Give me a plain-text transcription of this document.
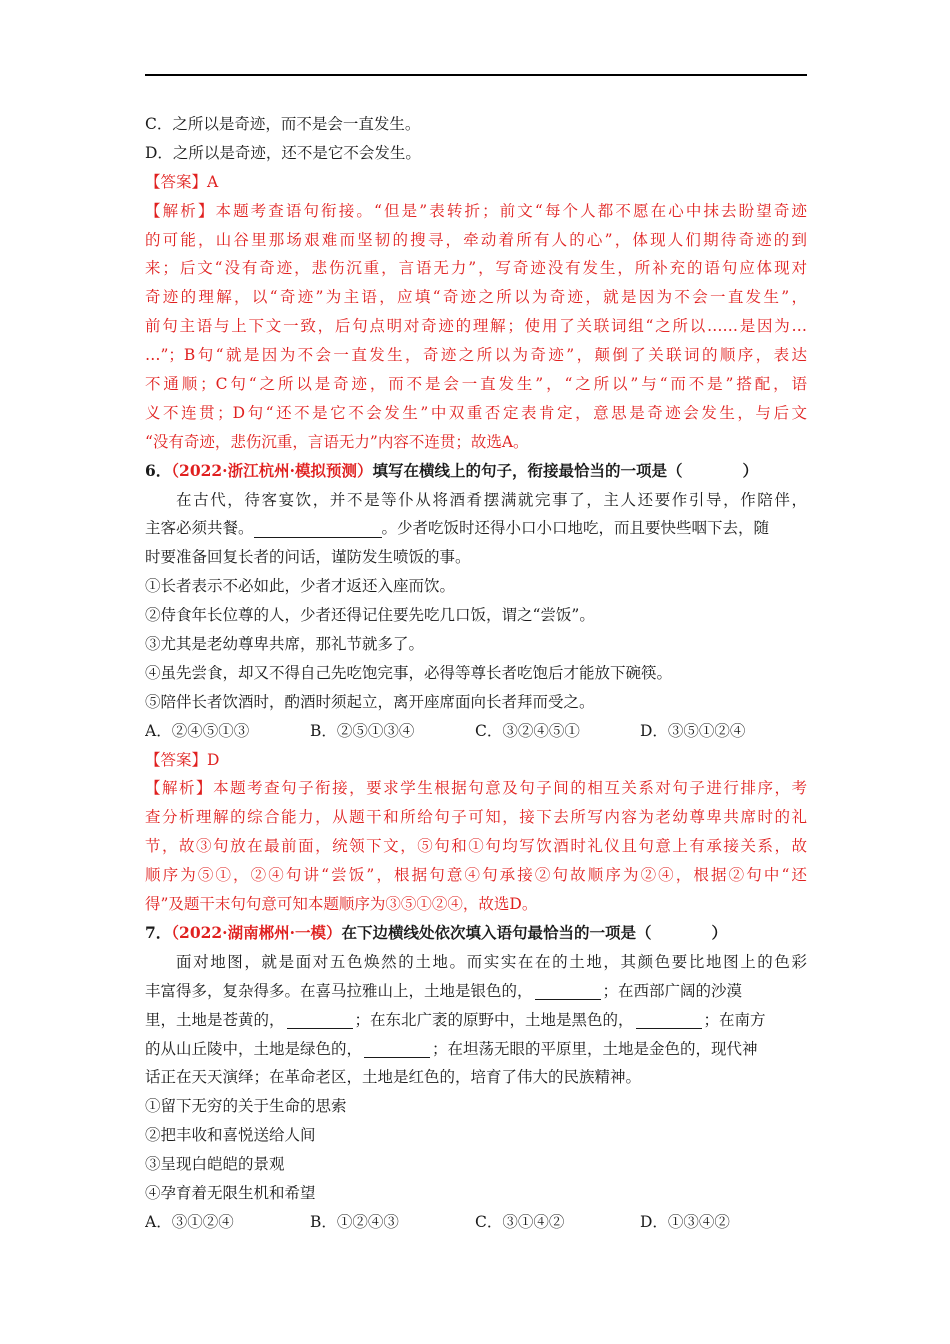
C．之所以是奇迹，而不是会一直发生。
D．之所以是奇迹，还不是它不会发生。
【答案】A
【解析】本题考查语句衔接。“但是”表转折；前文“每个人都不愿在心中抹去盼望奇迹
的可能，山谷里那场艰难而坚韧的搜寻，牵动着所有人的心”，体现人们期待奇迹的到
来；后文“没有奇迹，悲伤沉重，言语无力”，写奇迹没有发生，所补充的语句应体现对
奇迹的理解，以“奇迹”为主语，应填“奇迹之所以为奇迹，就是因为不会一直发生”，
前句主语与上下文一致，后句点明对奇迹的理解；使用了关联词组“之所以……是因为…
…”；B句“就是因为不会一直发生，奇迹之所以为奇迹”，颠倒了关联词的顺序，表达
不通顺；C句“之所以是奇迹，而不是会一直发生”，“之所以”与“而不是”搭配，语
义不连贯；D句“还不是它不会发生”中双重否定表肯定，意思是奇迹会发生，与后文
“没有奇迹，悲伤沉重，言语无力”内容不连贯；故选A。
6．（2022·浙江杭州·模拟预测）填写在横线上的句子，衔接最恰当的一项是（	）
在古代，待客宴饮，并不是等仆从将酒肴摆满就完事了，主人还要作引导，作陪伴，
主客必须共餐。	。少者吃饭时还得小口小口地吃，而且要快些咽下去，随
时要准备回复长者的问话，谨防发生喷饭的事。
①长者表示不必如此，少者才返还入座而饮。
②侍食年长位尊的人，少者还得记住要先吃几口饭，谓之“尝饭”。
③尤其是老幼尊卑共席，那礼节就多了。
④虽先尝食，却又不得自己先吃饱完事，必得等尊长者吃饱后才能放下碗筷。
⑤陪伴长者饮酒时，酌酒时须起立，离开座席面向长者拜而受之。
A．②④⑤①③	B．②⑤①③④	C．③②④⑤①	D．③⑤①②④
【答案】D
【解析】本题考查句子衔接，要求学生根据句意及句子间的相互关系对句子进行排序，考
查分析理解的综合能力，从题干和所给句子可知，接下去所写内容为老幼尊卑共席时的礼
节，故③句放在最前面，统领下文，⑤句和①句均写饮酒时礼仪且句意上有承接关系，故
顺序为⑤①，②④句讲“尝饭”，根据句意④句承接②句故顺序为②④，根据②句中“还
得”及题干末句句意可知本题顺序为③⑤①②④，故选D。
7．（2022·湖南郴州·一模）在下边横线处依次填入语句最恰当的一项是（	）
面对地图，就是面对五色焕然的土地。而实实在在的土地，其颜色要比地图上的色彩
丰富得多，复杂得多。在喜马拉雅山上，土地是银色的，	；在西部广阔的沙漠
里，土地是苍黄的，	；在东北广袤的原野中，土地是黑色的，	；在南方
的从山丘陵中，土地是绿色的，	；在坦荡无眼的平原里，土地是金色的，现代神
话正在天天演绎；在革命老区，土地是红色的，培育了伟大的民族精神。
①留下无穷的关于生命的思索
②把丰收和喜悦送给人间
③呈现白皑皑的景观
④孕育着无限生机和希望
A．③①②④	B．①②④③	C．③①④②	D．①③④②
